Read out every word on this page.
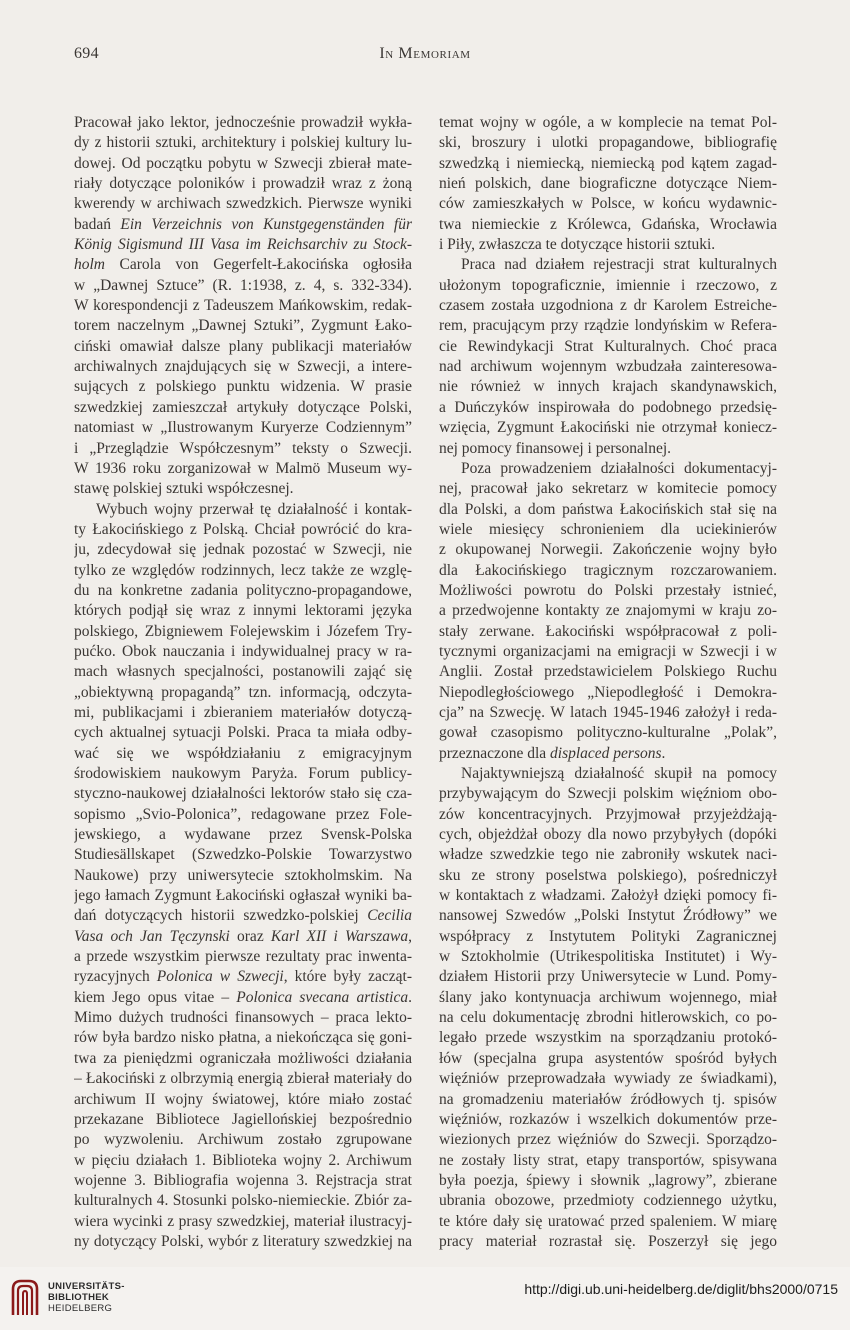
694	In Memoriam
Pracował jako lektor, jednocześnie prowadził wykła-
dy z historii sztuki, architektury i polskiej kultury lu-
dowej. Od początku pobytu w Szwecji zbierał mate-
riały dotyczące poloników i prowadził wraz z żoną
kwerendy w archiwach szwedzkich. Pierwsze wyniki
badań Ein Verzeichnis von Kunstgegenständen für
König Sigismund III Vasa im Reichsarchiv zu Stock-
holm Carola von Gegerfelt-Łakocińska ogłosiła
w „Dawnej Sztuce” (R. 1:1938, z. 4, s. 332-334).
W korespondencji z Tadeuszem Mańkowskim, redak-
torem naczelnym „Dawnej Sztuki”, Zygmunt Łako-
ciński omawiał dalsze plany publikacji materiałów
archiwalnych znajdujących się w Szwecji, a intere-
sujących z polskiego punktu widzenia. W prasie
szwedzkiej zamieszczał artykuły dotyczące Polski,
natomiast w „Ilustrowanym Kuryerze Codziennym”
i „Przeglądzie Współczesnym” teksty o Szwecji.
W 1936 roku zorganizował w Malmö Museum wy-
stawę polskiej sztuki współczesnej.
Wybuch wojny przerwał tę działalność i kontak-
ty Łakocińskiego z Polską. Chciał powrócić do kra-
ju, zdecydował się jednak pozostać w Szwecji, nie
tylko ze względów rodzinnych, lecz także ze wzglę-
du na konkretne zadania polityczno-propagandowe,
których podjął się wraz z innymi lektorami języka
polskiego, Zbigniewem Folejewskim i Józefem Try-
pućko. Obok nauczania i indywidualnej pracy w ra-
mach własnych specjalności, postanowili zająć się
„obiektywną propagandą” tzn. informacją, odczyta-
mi, publikacjami i zbieraniem materiałów dotyczą-
cych aktualnej sytuacji Polski. Praca ta miała odby-
wać się we współdziałaniu z emigracyjnym
środowiskiem naukowym Paryża. Forum publicy-
styczno-naukowej działalności lektorów stało się cza-
sopismo „Svio-Polonica”, redagowane przez Fole-
jewskiego, a wydawane przez Svensk-Polska
Studiesällskapet (Szwedzko-Polskie Towarzystwo
Naukowe) przy uniwersytecie sztokholmskim. Na
jego łamach Zygmunt Łakociński ogłaszał wyniki ba-
dań dotyczących historii szwedzko-polskiej Cecilia
Vasa och Jan Tęczynski oraz Karl XII i Warszawa,
a przede wszystkim pierwsze rezultaty prac inwenta-
ryzacyjnych Polonica w Szwecji, które były zacząt-
kiem Jego opus vitae – Polonica svecana artistica.
Mimo dużych trudności finansowych – praca lekto-
rów była bardzo nisko płatna, a niekończąca się goni-
twa za pieniędzmi ograniczała możliwości działania
– Łakociński z olbrzymią energią zbierał materiały do
archiwum II wojny światowej, które miało zostać
przekazane Bibliotece Jagiellońskiej bezpośrednio
po wyzwoleniu. Archiwum zostało zgrupowane
w pięciu działach 1. Biblioteka wojny 2. Archiwum
wojenne 3. Bibliografia wojenna 3. Rejstracja strat
kulturalnych 4. Stosunki polsko-niemieckie. Zbiór za-
wiera wycinki z prasy szwedzkiej, materiał ilustracyj-
ny dotyczący Polski, wybór z literatury szwedzkiej na
temat wojny w ogóle, a w komplecie na temat Pol-
ski, broszury i ulotki propagandowe, bibliografię
szwedzką i niemiecką, niemiecką pod kątem zagad-
nień polskich, dane biograficzne dotyczące Niem-
ców zamieszkałych w Polsce, w końcu wydawnic-
twa niemieckie z Królewca, Gdańska, Wrocławia
i Piły, zwłaszcza te dotyczące historii sztuki.
Praca nad działem rejestracji strat kulturalnych
ułożonym topograficznie, imiennie i rzeczowo, z
czasem została uzgodniona z dr Karolem Estreiche-
rem, pracującym przy rządzie londyńskim w Refera-
cie Rewindykacji Strat Kulturalnych. Choć praca
nad archiwum wojennym wzbudzała zainteresowa-
nie również w innych krajach skandynawskich,
a Duńczyków inspirowała do podobnego przedsię-
wzięcia, Zygmunt Łakociński nie otrzymał koniecz-
nej pomocy finansowej i personalnej.
Poza prowadzeniem działalności dokumentacyj-
nej, pracował jako sekretarz w komitecie pomocy
dla Polski, a dom państwa Łakocińskich stał się na
wiele miesięcy schronieniem dla uciekinierów
z okupowanej Norwegii. Zakończenie wojny było
dla Łakocińskiego tragicznym rozczarowaniem.
Możliwości powrotu do Polski przestały istnieć,
a przedwojenne kontakty ze znajomymi w kraju zo-
stały zerwane. Łakociński współpracował z poli-
tycznymi organizacjami na emigracji w Szwecji i w
Anglii. Został przedstawicielem Polskiego Ruchu
Niepodległościowego „Niepodległość i Demokra-
cja” na Szwecję. W latach 1945-1946 założył i reda-
gował czasopismo polityczno-kulturalne „Polak”,
przeznaczone dla displaced persons.
Najaktywniejszą działalność skupił na pomocy
przybywającym do Szwecji polskim więźniom obo-
zów koncentracyjnych. Przyjmował przyjeżdżają-
cych, objeżdżał obozy dla nowo przybyłych (dopóki
władze szwedzkie tego nie zabroniły wskutek naci-
sku ze strony poselstwa polskiego), pośredniczył
w kontaktach z władzami. Założył dzięki pomocy fi-
nansowej Szwedów „Polski Instytut Źródłowy” we
współpracy z Instytutem Polityki Zagranicznej
w Sztokholmie (Utrikespolitiska Institutet) i Wy-
działem Historii przy Uniwersytecie w Lund. Pomy-
ślany jako kontynuacja archiwum wojennego, miał
na celu dokumentację zbrodni hitlerowskich, co po-
legało przede wszystkim na sporządzaniu protokó-
łów (specjalna grupa asystentów spośród byłych
więźniów przeprowadzała wywiady ze świadkami),
na gromadzeniu materiałów źródłowych tj. spisów
więźniów, rozkazów i wszelkich dokumentów prze-
wiezionych przez więźniów do Szwecji. Sporządzo-
ne zostały listy strat, etapy transportów, spisywana
była poezja, śpiewy i słownik „lagrowy”, zbierane
ubrania obozowe, przedmioty codziennego użytku,
te które dały się uratować przed spaleniem. W miarę
pracy materiał rozrastał się. Poszerzył się jego
UNIVERSITÄTS-
BIBLIOTHEK
HEIDELBERG
http://digi.ub.uni-heidelberg.de/diglit/bhs2000/0715
